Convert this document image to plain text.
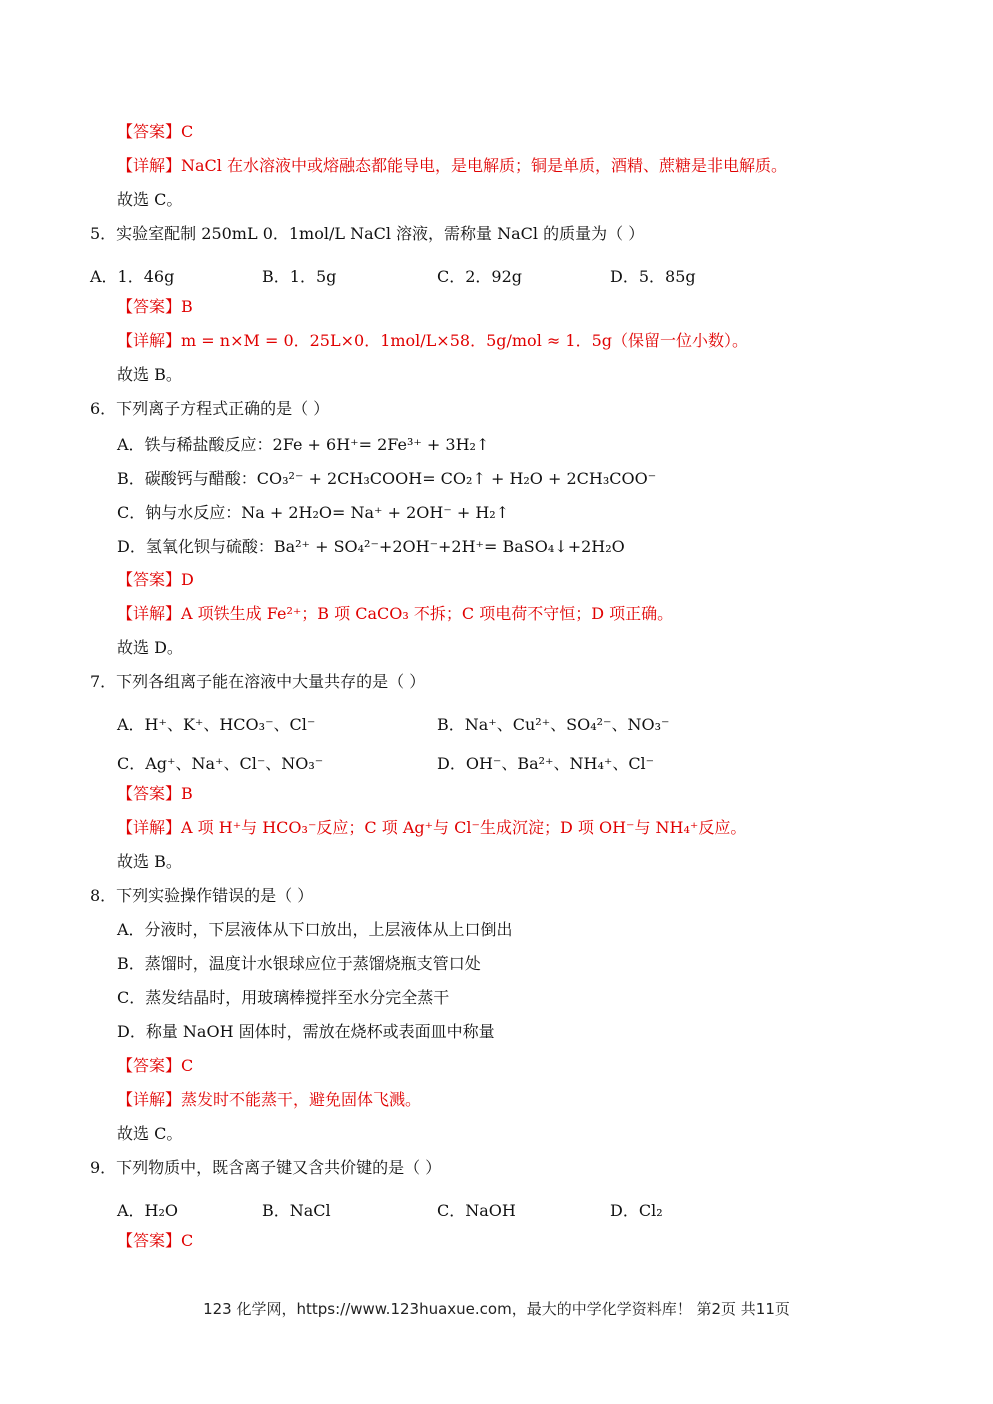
【答案】C
【详解】NaCl 在水溶液中或熔融态都能导电，是电解质；铜是单质，酒精、蔗糖是非电解质。
故选 C。
5．实验室配制 250mL 0．1mol/L NaCl 溶液，需称量 NaCl 的质量为（ ）
A．1．46g	B．1．5g	C．2．92g	D．5．85g
【答案】B
【详解】m = n×M = 0．25L×0．1mol/L×58．5g/mol ≈ 1．5g（保留一位小数）。
故选 B。
6．下列离子方程式正确的是（ ）
A．铁与稀盐酸反应：2Fe + 6H⁺= 2Fe³⁺ + 3H₂↑
B．碳酸钙与醋酸：CO₃²⁻ + 2CH₃COOH= CO₂↑ + H₂O + 2CH₃COO⁻
C．钠与水反应：Na + 2H₂O= Na⁺ + 2OH⁻ + H₂↑
D．氢氧化钡与硫酸：Ba²⁺ + SO₄²⁻+2OH⁻+2H⁺= BaSO₄↓+2H₂O
【答案】D
【详解】A 项铁生成 Fe²⁺；B 项 CaCO₃ 不拆；C 项电荷不守恒；D 项正确。
故选 D。
7．下列各组离子能在溶液中大量共存的是（ ）
A．H⁺、K⁺、HCO₃⁻、Cl⁻	B．Na⁺、Cu²⁺、SO₄²⁻、NO₃⁻
C．Ag⁺、Na⁺、Cl⁻、NO₃⁻	D．OH⁻、Ba²⁺、NH₄⁺、Cl⁻
【答案】B
【详解】A 项 H⁺与 HCO₃⁻反应；C 项 Ag⁺与 Cl⁻生成沉淀；D 项 OH⁻与 NH₄⁺反应。
故选 B。
8．下列实验操作错误的是（ ）
A．分液时，下层液体从下口放出，上层液体从上口倒出
B．蒸馏时，温度计水银球应位于蒸馏烧瓶支管口处
C．蒸发结晶时，用玻璃棒搅拌至水分完全蒸干
D．称量 NaOH 固体时，需放在烧杯或表面皿中称量
【答案】C
【详解】蒸发时不能蒸干，避免固体飞溅。
故选 C。
9．下列物质中，既含离子键又含共价键的是（ ）
A．H₂O	B．NaCl	C．NaOH	D．Cl₂
【答案】C
123 化学网，https://www.123huaxue.com，最大的中学化学资料库！ 第2页 共11页
